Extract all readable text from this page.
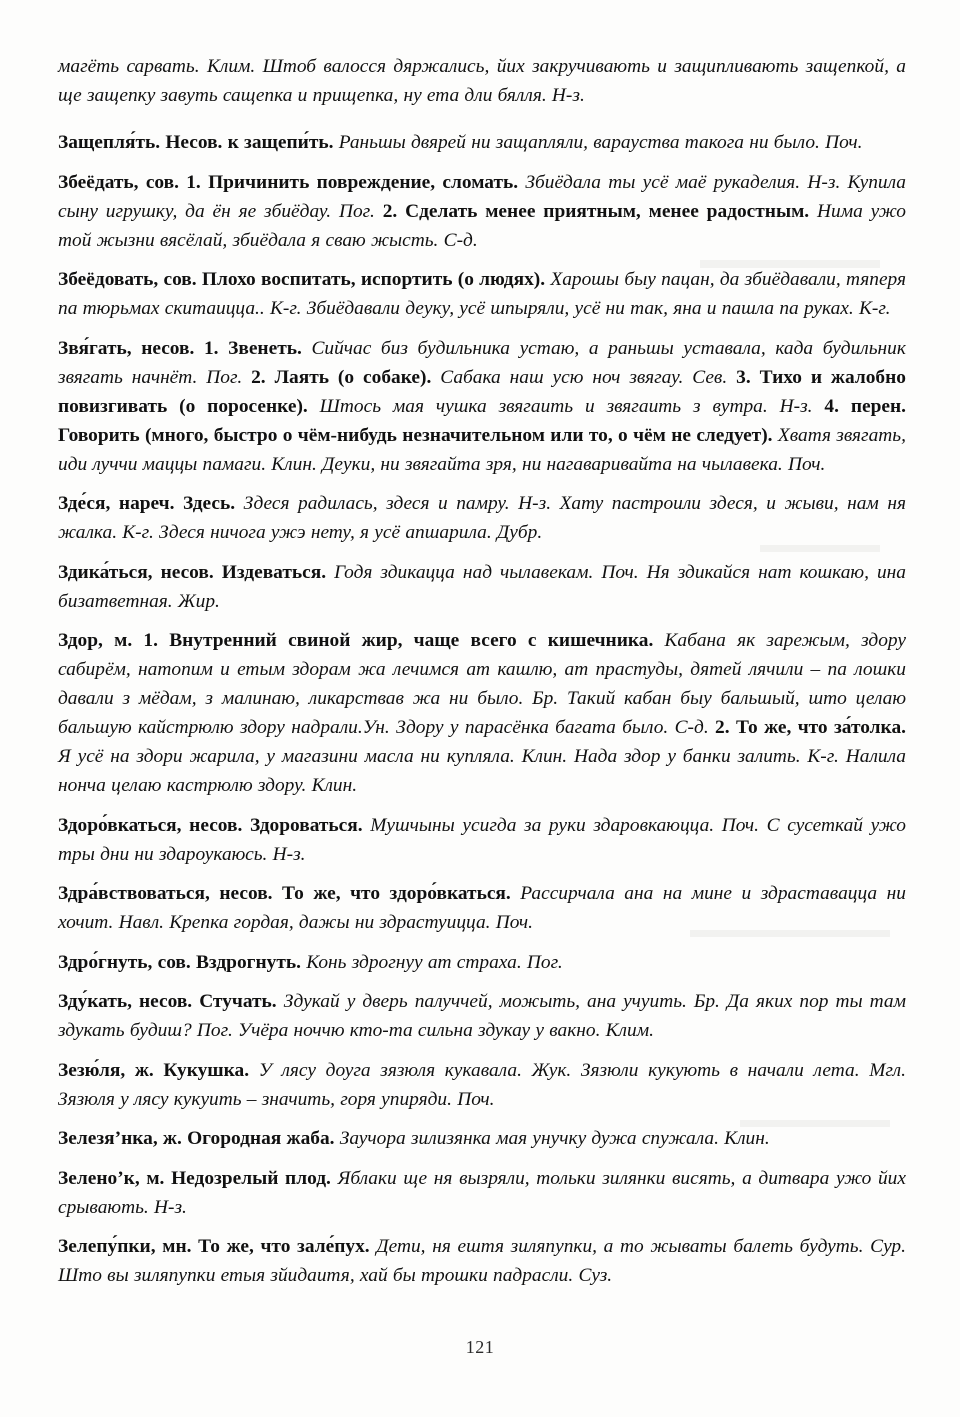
магёть сарвать. Клим. Штоб валосся дяржались, йих закручивають и защипливають защепкой, а ще защепку завуть сащепка и прищепка, ну ета дли бялля. Н-з.

Защепля́ть. Несов. к защепи́ть. Раньшы двярей ни защапляли, варауства такога ни было. Поч.

Збеёдать, сов. 1. Причинить повреждение, сломать. Збиёдала ты усё маё рукаделия. Н-з. Купила сыну игрушку, да ён яе збиёдау. Пог. 2. Сделать менее приятным, менее радостным. Нима ужо той жызни вясёлай, збиёдала я сваю жысть. С-д.

Збеёдовать, сов. Плохо воспитать, испортить (о людях). Харошы быу пацан, да збиёдавали, тяперя па тюрьмах скитаицца.. К-г. Збиёдавали деуку, усё шпыряли, усё ни так, яна и пашла па руках. К-г.

Звя́гать, несов. 1. Звенеть. Сийчас биз будильника устаю, а раньшы уставала, када будильник звягать начнёт. Пог. 2. Лаять (о собаке). Сабака наш усю ноч звягау. Сев. 3. Тихо и жалобно повизгивать (о поросенке). Штось мая чушка звягаить и звягаить з вутра. Н-з. 4. перен. Говорить (много, быстро о чём-нибудь незначительном или то, о чём не следует). Хватя звягать, иди луччи маццы памаги. Клин. Деуки, ни звягайта зря, ни нагаваривайта на чылавека. Поч.

Зде́ся, нареч. Здесь. Здеся радилась, здеся и памру. Н-з. Хату пастроили здеся, и жыви, нам ня жалка. К-г. Здеся ничога ужэ нету, я усё апшарила. Дубр.

Здика́ться, несов. Издеваться. Годя здикацца над чылавекам. Поч. Ня здикайся нат кошкаю, ина бизатветная. Жир.

Здор, м. 1. Внутренний свиной жир, чаще всего с кишечника. Кабана як зарежым, здору сабирём, натопим и етым здорам жа лечимся ат кашлю, ат прастуды, дятей лячили – па лошки давали з мёдам, з малинаю, ликарствав жа ни было. Бр. Такий кабан быу бальшый, што целаю бальшую кайстрюлю здору надрали.Ун. Здору у парасёнка багата было. С-д. 2. То же, что за́толка. Я усё на здори жарила, у магазини масла ни купляла. Клин. Нада здор у банки залить. К-г. Налила нонча целаю кастрюлю здору. Клин.

Здоро́вкаться, несов. Здороваться. Мушчыны усигда за руки здаровкаюцца. Поч. С сусеткай ужо тры дни ни здароукаюсь. Н-з.

Здра́вствоваться, несов. То же, что здоро́вкаться. Рассирчала ана на мине и здраставацца ни хочит. Навл. Крепка гордая, дажы ни здрастуицца. Поч.

Здро́гнуть, сов. Вздрогнуть. Конь здрогнуу ат страха. Пог.

Зду́кать, несов. Стучать. Здукай у дверь палуччей, можыть, ана учуить. Бр. Да яких пор ты там здукать будиш? Пог. Учёра ноччю кто-та сильна здукау у вакно. Клим.

Зезю́ля, ж. Кукушка. У лясу доуга зязюля кукавала. Жук. Зязюли кукують в начали лета. Мгл. Зязюля у лясу кукуить – значить, горя упиряди. Поч.

Зелезя’нка, ж. Огородная жаба. Заучора зилизянка мая унучку дужа спужала. Клин.

Зелено’к, м. Недозрелый плод. Яблаки ще ня вызряли, тольки зилянки висять, а дитвара ужо йих срывають. Н-з.

Зелепу́пки, мн. То же, что зале́пух. Дети, ня ештя зиляпупки, а то жываты балеть будуть. Сур. Што вы зиляпупки етыя зйидаитя, хай бы трошки падрасли. Суз.

121
